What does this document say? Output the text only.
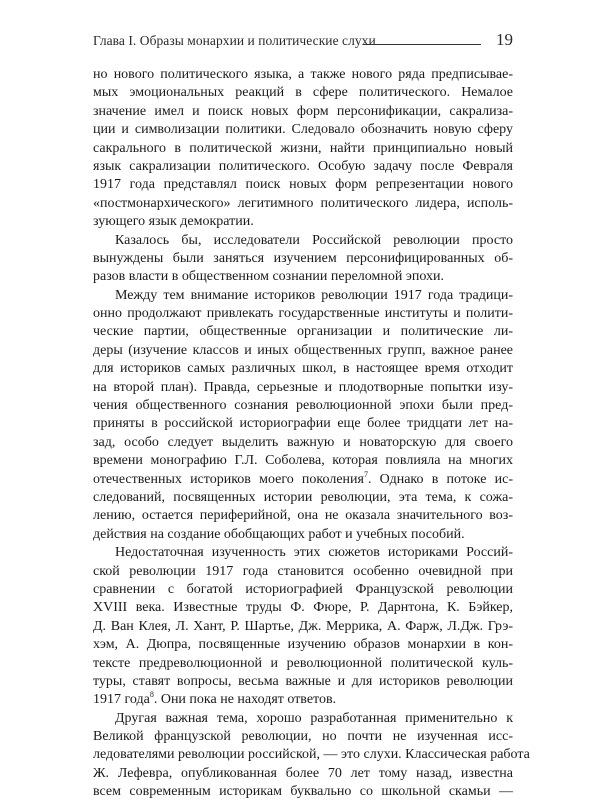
Глава I. Образы монархии и политические слухи	19
но нового политического языка, а также нового ряда предписывае-
мых эмоциональных реакций в сфере политического. Немалое
значение имел и поиск новых форм персонификации, сакрализа-
ции и символизации политики. Следовало обозначить новую сферу
сакрального в политической жизни, найти принципиально новый
язык сакрализации политического. Особую задачу после Февраля
1917 года представлял поиск новых форм репрезентации нового
«постмонархического» легитимного политического лидера, исполь-
зующего язык демократии.
Казалось бы, исследователи Российской революции просто
вынуждены были заняться изучением персонифицированных об-
разов власти в общественном сознании переломной эпохи.
Между тем внимание историков революции 1917 года традици-
онно продолжают привлекать государственные институты и полити-
ческие партии, общественные организации и политические ли-
деры (изучение классов и иных общественных групп, важное ранее
для историков самых различных школ, в настоящее время отходит
на второй план). Правда, серьезные и плодотворные попытки изу-
чения общественного сознания революционной эпохи были пред-
приняты в российской историографии еще более тридцати лет на-
зад, особо следует выделить важную и новаторскую для своего
времени монографию Г.Л. Соболева, которая повлияла на многих
отечественных историков моего поколения$^7$. Однако в потоке ис-
следований, посвященных истории революции, эта тема, к сожа-
лению, остается периферийной, она не оказала значительного воз-
действия на создание обобщающих работ и учебных пособий.
Недостаточная изученность этих сюжетов историками Россий-
ской революции 1917 года становится особенно очевидной при
сравнении с богатой историографией Французской революции
XVIII века. Известные труды Ф. Фюре, Р. Дарнтона, К. Бэйкер,
Д. Ван Клея, Л. Хант, Р. Шартье, Дж. Меррика, А. Фарж, Л.Дж. Грэ-
хэм, А. Дюпра, посвященные изучению образов монархии в кон-
тексте предреволюционной и революционной политической куль-
туры, ставят вопросы, весьма важные и для историков революции
1917 года$^8$. Они пока не находят ответов.
Другая важная тема, хорошо разработанная применительно к
Великой французской революции, но почти не изученная исс-
ледователями революции российской, — это слухи. Классическая работа
Ж. Лефевра, опубликованная более 70 лет тому назад, известна
всем современным историкам буквально со школьной скамьи —
